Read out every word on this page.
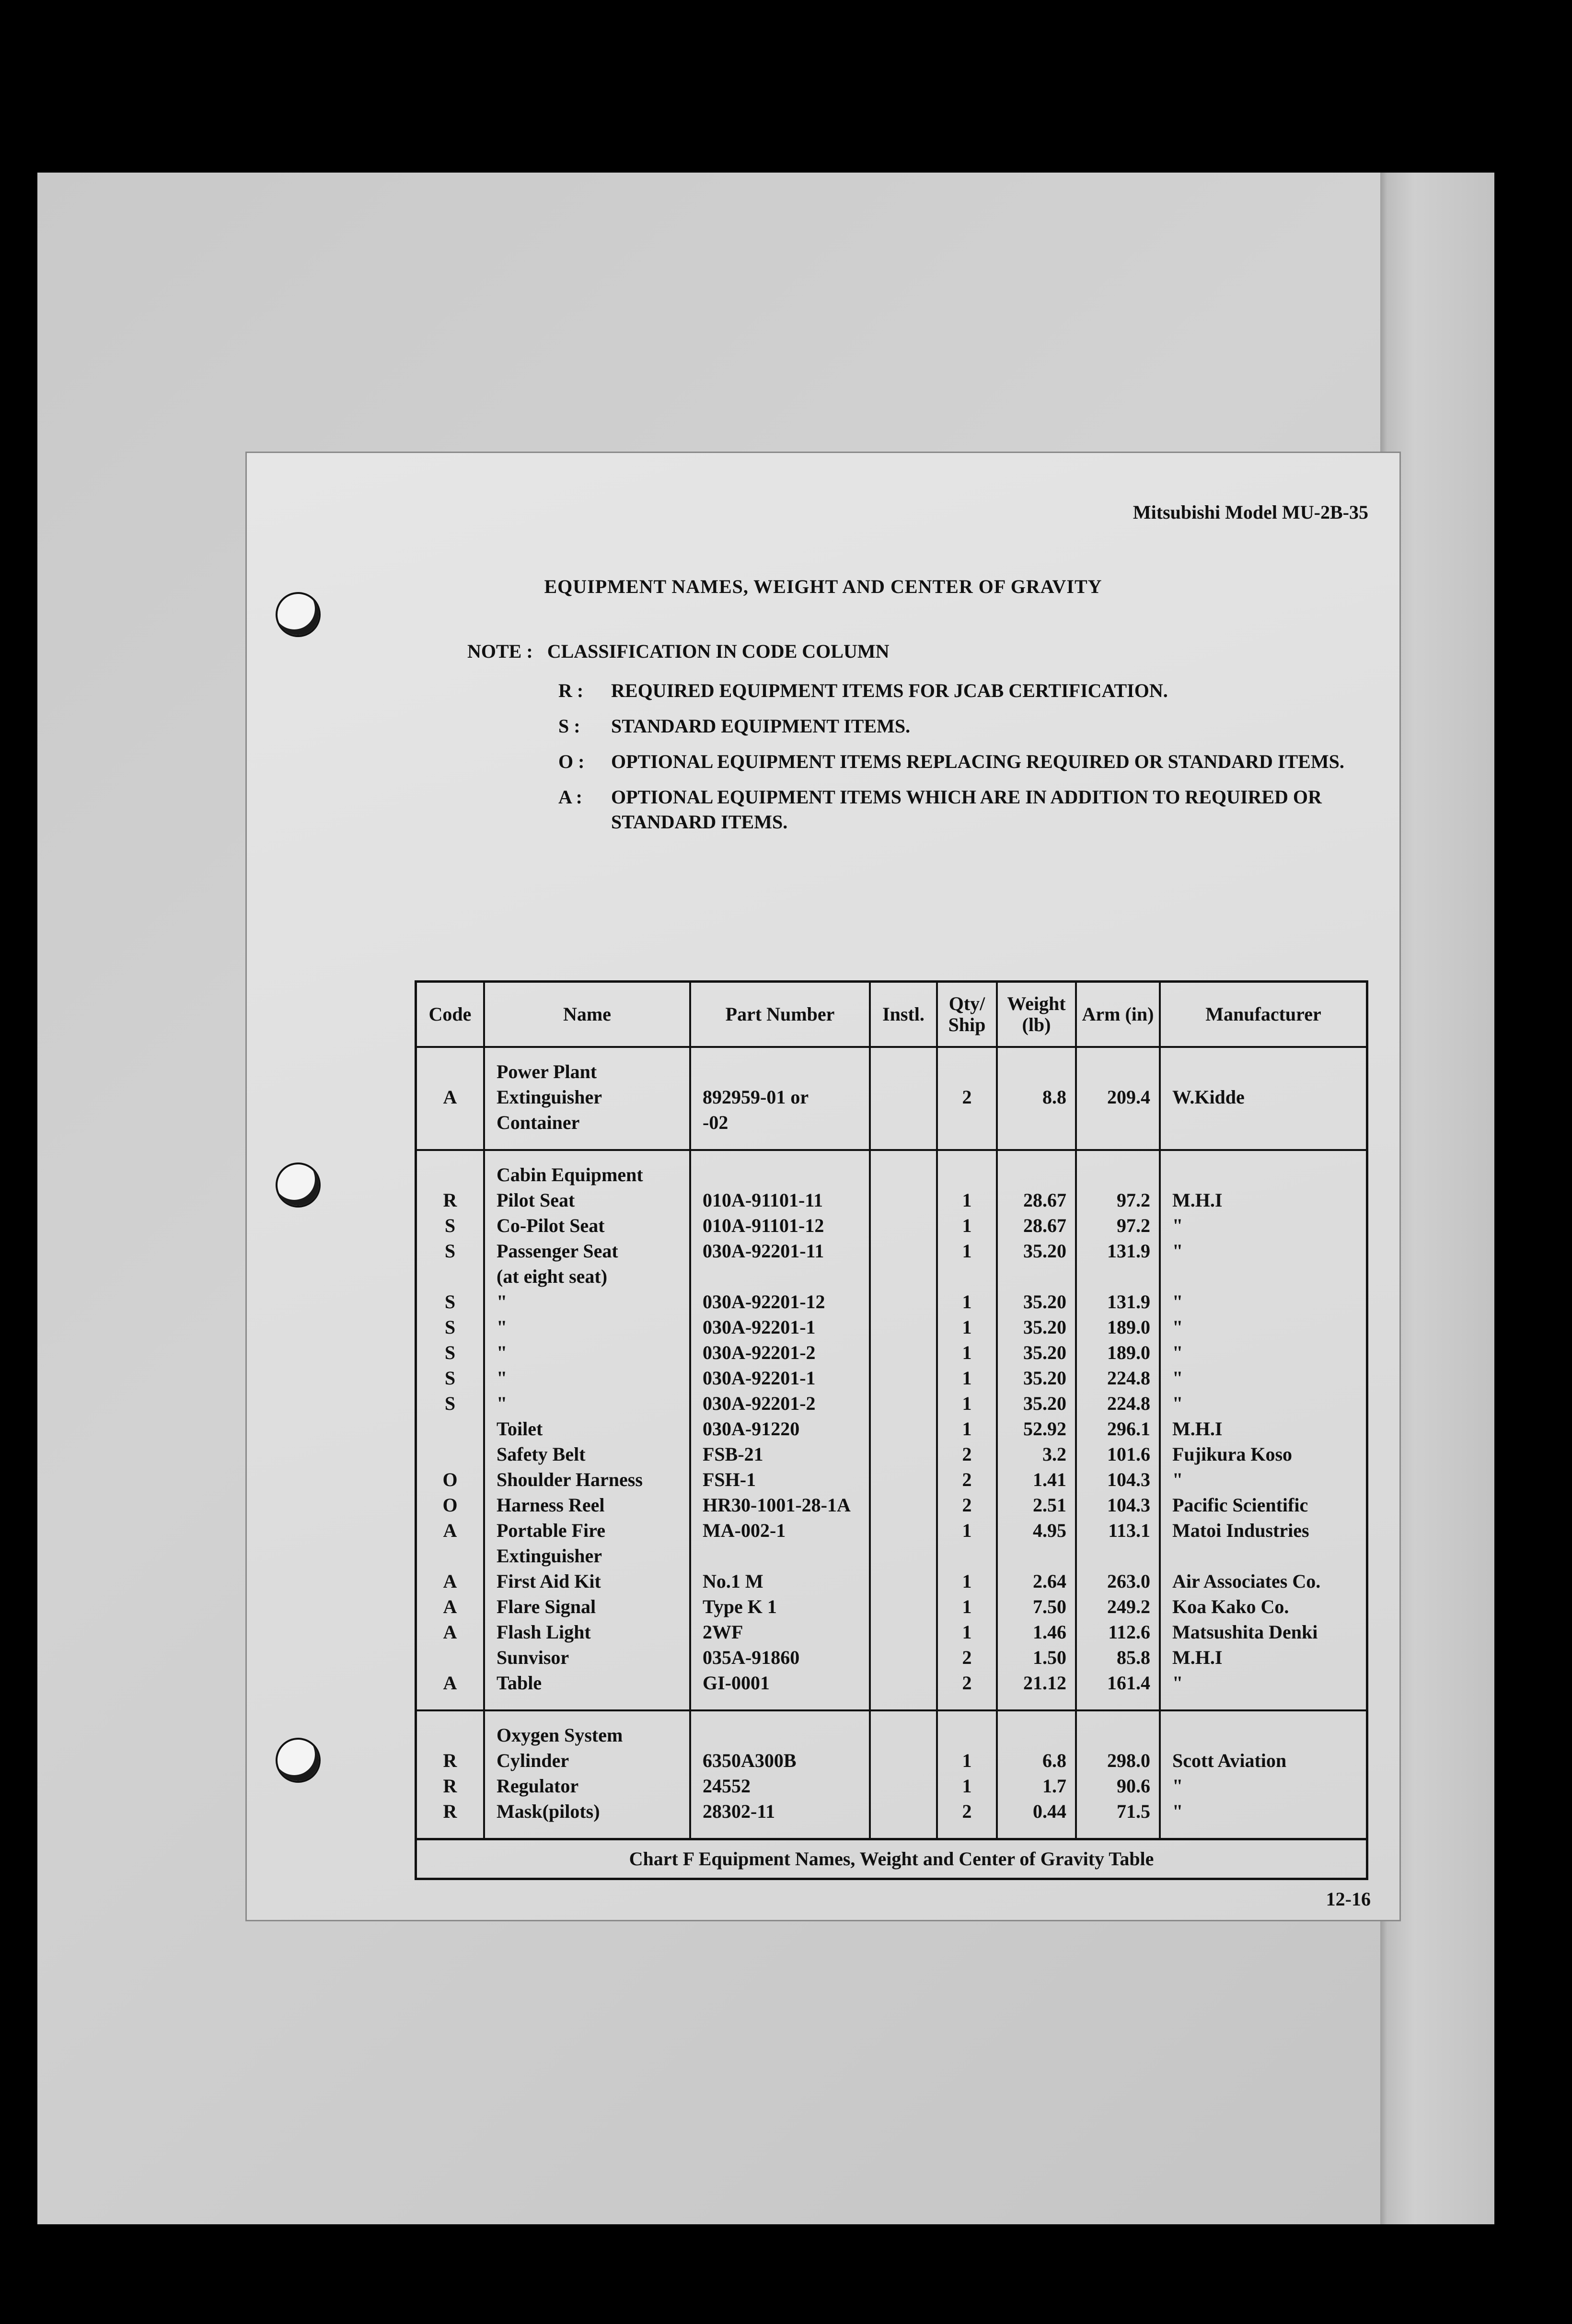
Mitsubishi Model MU-2B-35
EQUIPMENT NAMES, WEIGHT AND CENTER OF GRAVITY
NOTE : CLASSIFICATION IN CODE COLUMN
R :	REQUIRED EQUIPMENT ITEMS FOR JCAB CERTIFICATION.
S :	STANDARD EQUIPMENT ITEMS.
O :	OPTIONAL EQUIPMENT ITEMS REPLACING REQUIRED OR STANDARD ITEMS.
A :	OPTIONAL EQUIPMENT ITEMS WHICH ARE IN ADDITION TO REQUIRED OR STANDARD ITEMS.
Code	Name	Part Number	Instl.	Qty/ Ship	Weight (lb)	Arm (in)	Manufacturer

	Power Plant						
A	Extinguisher	892959-01 or		2	8.8	209.4	W.Kidde
	Container	-02					

	Cabin Equipment						
R	Pilot Seat	010A-91101-11		1	28.67	97.2	M.H.I
S	Co-Pilot Seat	010A-91101-12		1	28.67	97.2	"
S	Passenger Seat	030A-92201-11		1	35.20	131.9	"
	(at eight seat)						
S	"	030A-92201-12		1	35.20	131.9	"
S	"	030A-92201-1		1	35.20	189.0	"
S	"	030A-92201-2		1	35.20	189.0	"
S	"	030A-92201-1		1	35.20	224.8	"
S	"	030A-92201-2		1	35.20	224.8	"
	Toilet	030A-91220		1	52.92	296.1	M.H.I
	Safety Belt	FSB-21		2	3.2	101.6	Fujikura Koso
O	Shoulder Harness	FSH-1		2	1.41	104.3	"
O	Harness Reel	HR30-1001-28-1A		2	2.51	104.3	Pacific Scientific
A	Portable Fire	MA-002-1		1	4.95	113.1	Matoi Industries
	Extinguisher						
A	First Aid Kit	No.1 M		1	2.64	263.0	Air Associates Co.
A	Flare Signal	Type K 1		1	7.50	249.2	Koa Kako Co.
A	Flash Light	2WF		1	1.46	112.6	Matsushita Denki
	Sunvisor	035A-91860		2	1.50	85.8	M.H.I
A	Table	GI-0001		2	21.12	161.4	"

	Oxygen System						
R	Cylinder	6350A300B		1	6.8	298.0	Scott Aviation
R	Regulator	24552		1	1.7	90.6	"
R	Mask(pilots)	28302-11		2	0.44	71.5	"

Chart F Equipment Names, Weight and Center of Gravity Table
12-16
